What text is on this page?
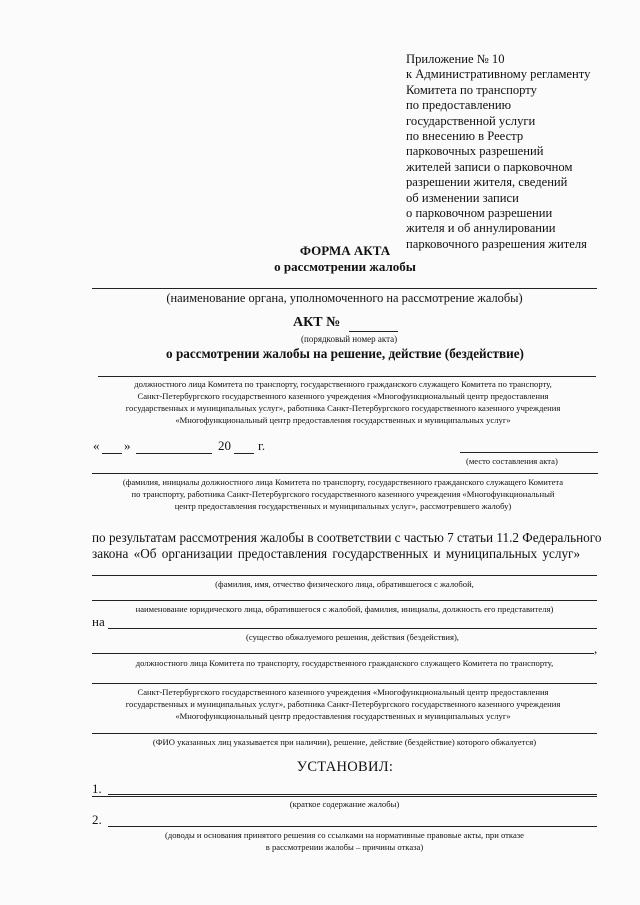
Приложение № 10
к Административному регламенту
Комитета по транспорту
по предоставлению
государственной услуги
по внесению в Реестр
парковочных разрешений
жителей записи о парковочном
разрешении жителя, сведений
об изменении записи
о парковочном разрешении
жителя и об аннулировании
парковочного разрешения жителя
ФОРМА АКТА
о рассмотрении жалобы
(наименование органа, уполномоченного на рассмотрение жалобы)
АКТ №
(порядковый номер акта)
о рассмотрении жалобы на решение, действие (бездействие)
должностного лица Комитета по транспорту, государственного гражданского служащего Комитета по транспорту,
Санкт-Петербургского государственного казенного учреждения «Многофункциональный центр предоставления
государственных и муниципальных услуг», работника Санкт-Петербургского государственного казенного учреждения
«Многофункциональный центр предоставления государственных и муниципальных услуг»
« »	20 г.
(место составления акта)
(фамилия, инициалы должностного лица Комитета по транспорту, государственного гражданского служащего Комитета
по транспорту, работника Санкт-Петербургского государственного казенного учреждения «Многофункциональный
центр предоставления государственных и муниципальных услуг», рассмотревшего жалобу)
по результатам рассмотрения жалобы в соответствии с частью 7 статьи 11.2 Федерального
закона «Об организации предоставления государственных и муниципальных услуг»
(фамилия, имя, отчество физического лица, обратившегося с жалобой,
наименование юридического лица, обратившегося с жалобой, фамилия, инициалы, должность его представителя)
на
(существо обжалуемого решения, действия (бездействия),
,
должностного лица Комитета по транспорту, государственного гражданского служащего Комитета по транспорту,
Санкт-Петербургского государственного казенного учреждения «Многофункциональный центр предоставления
государственных и муниципальных услуг», работника Санкт-Петербургского государственного казенного учреждения
«Многофункциональный центр предоставления государственных и муниципальных услуг»
(ФИО указанных лиц указывается при наличии), решение, действие (бездействие) которого обжалуется)
УСТАНОВИЛ:
1.
(краткое содержание жалобы)
2.
(доводы и основания принятого решения со ссылками на нормативные правовые акты, при отказе
в рассмотрении жалобы – причины отказа)
